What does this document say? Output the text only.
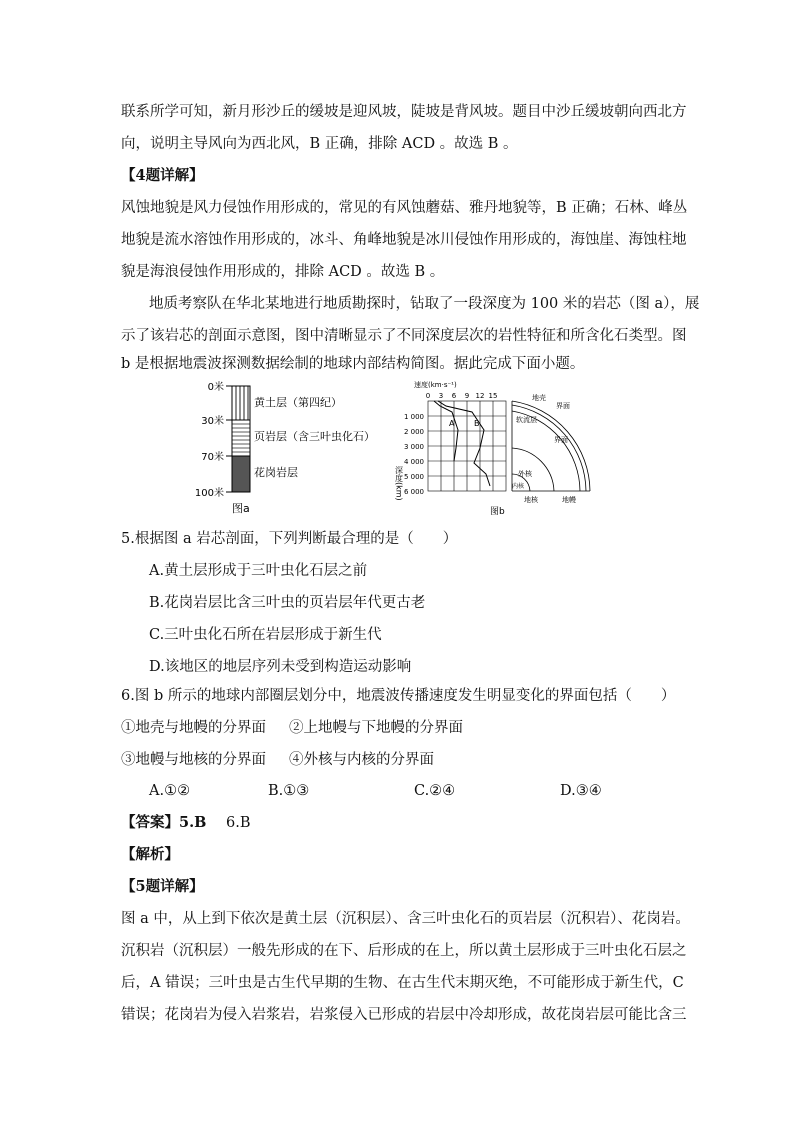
联系所学可知，新月形沙丘的缓坡是迎风坡，陡坡是背风坡。题目中沙丘缓坡朝向西北方
向，说明主导风向为西北风，B 正确，排除 ACD 。故选 B 。
【4题详解】
风蚀地貌是风力侵蚀作用形成的，常见的有风蚀蘑菇、雅丹地貌等，B 正确；石林、峰丛
地貌是流水溶蚀作用形成的，冰斗、角峰地貌是冰川侵蚀作用形成的，海蚀崖、海蚀柱地
貌是海浪侵蚀作用形成的，排除 ACD 。故选 B 。
地质考察队在华北某地进行地质勘探时，钻取了一段深度为 100 米的岩芯（图 a），展
示了该岩芯的剖面示意图，图中清晰显示了不同深度层次的岩性特征和所含化石类型。图
b 是根据地震波探测数据绘制的地球内部结构简图。据此完成下面小题。
0米
30米
70米
100米
黄土层（第四纪）
页岩层（含三叶虫化石）
花岗岩层
图a
速度(km·s⁻¹)
0 3 6 9 12 15
A B
1 000
2 000
3 000
4 000
5 000
6 000
深度(km)
地壳
界面
软流层
界面
外核
内核
地核	地幔
图b
5.根据图 a 岩芯剖面，下列判断最合理的是（　　）
A.黄土层形成于三叶虫化石层之前
B.花岗岩层比含三叶虫的页岩层年代更古老
C.三叶虫化石所在岩层形成于新生代
D.该地区的地层序列未受到构造运动影响
6.图 b 所示的地球内部圈层划分中，地震波传播速度发生明显变化的界面包括（　　）
①地壳与地幔的分界面 ②上地幔与下地幔的分界面
③地幔与地核的分界面 ④外核与内核的分界面
A.①②	B.①③	C.②④	D.③④
【答案】5.B 6.B
【解析】
【5题详解】
图 a 中，从上到下依次是黄土层（沉积层）、含三叶虫化石的页岩层（沉积岩）、花岗岩。
沉积岩（沉积层）一般先形成的在下、后形成的在上，所以黄土层形成于三叶虫化石层之
后，A 错误；三叶虫是古生代早期的生物、在古生代末期灭绝，不可能形成于新生代，C
错误；花岗岩为侵入岩浆岩，岩浆侵入已形成的岩层中冷却形成，故花岗岩层可能比含三
